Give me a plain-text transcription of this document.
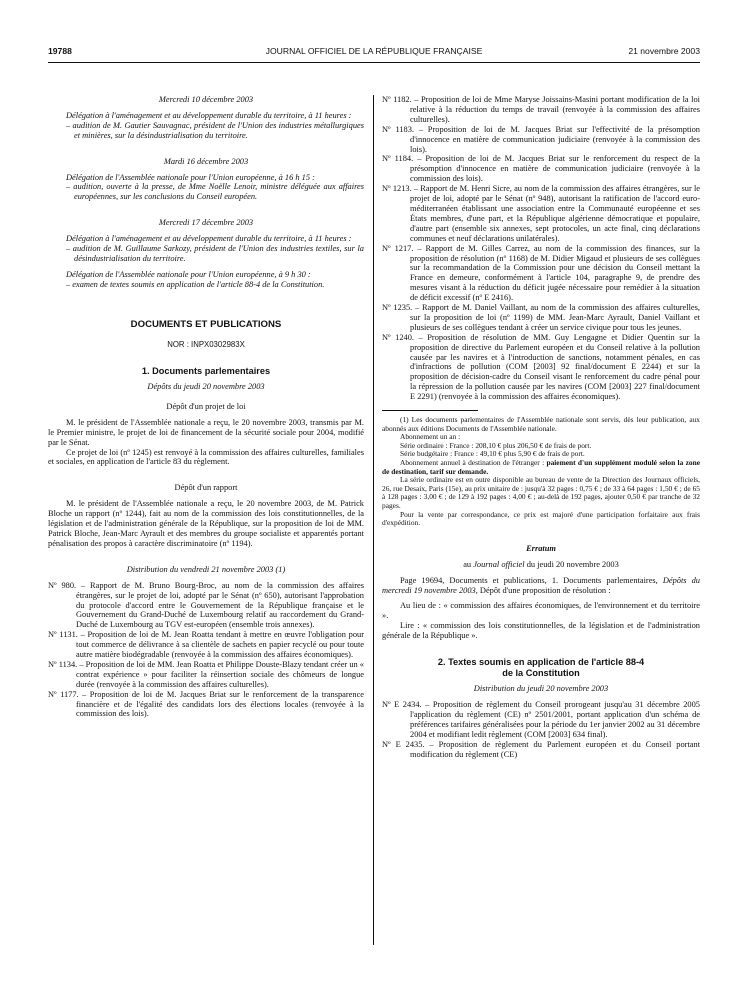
19788	JOURNAL OFFICIEL DE LA RÉPUBLIQUE FRANÇAISE	21 novembre 2003

Mercredi 10 décembre 2003

Délégation à l'aménagement et au développement durable du territoire, à 11 heures :

– audition de M. Gautier Sauvagnac, président de l'Union des industries métallurgiques et minières, sur la désindustrialisation du territoire.

Mardi 16 décembre 2003

Délégation de l'Assemblée nationale pour l'Union européenne, à 16 h 15 :

– audition, ouverte à la presse, de Mme Noëlle Lenoir, ministre déléguée aux affaires européennes, sur les conclusions du Conseil européen.

Mercredi 17 décembre 2003

Délégation à l'aménagement et au développement durable du territoire, à 11 heures :

– audition de M. Guillaume Sarkozy, président de l'Union des industries textiles, sur la désindustrialisation du territoire.

Délégation de l'Assemblée nationale pour l'Union européenne, à 9 h 30 :

– examen de textes soumis en application de l'article 88-4 de la Constitution.

DOCUMENTS ET PUBLICATIONS

NOR : INPX0302983X

1. Documents parlementaires

Dépôts du jeudi 20 novembre 2003

Dépôt d'un projet de loi

M. le président de l'Assemblée nationale a reçu, le 20 novembre 2003, transmis par M. le Premier ministre, le projet de loi de financement de la sécurité sociale pour 2004, modifié par le Sénat.

Ce projet de loi (nº 1245) est renvoyé à la commission des affaires culturelles, familiales et sociales, en application de l'article 83 du règlement.

Dépôt d'un rapport

M. le président de l'Assemblée nationale a reçu, le 20 novembre 2003, de M. Patrick Bloche un rapport (nº 1244), fait au nom de la commission des lois constitutionnelles, de la législation et de l'administration générale de la République, sur la proposition de loi de MM. Patrick Bloche, Jean-Marc Ayrault et des membres du groupe socialiste et apparentés portant pénalisation des propos à caractère discriminatoire (nº 1194).

Distribution du vendredi 21 novembre 2003 (1)

Nº 980. – Rapport de M. Bruno Bourg-Broc, au nom de la commission des affaires étrangères, sur le projet de loi, adopté par le Sénat (nº 650), autorisant l'approbation du protocole d'accord entre le Gouvernement de la République française et le Gouvernement du Grand-Duché de Luxembourg relatif au raccordement du Grand-Duché de Luxembourg au TGV est-européen (ensemble trois annexes).

Nº 1131. – Proposition de loi de M. Jean Roatta tendant à mettre en œuvre l'obligation pour tout commerce de délivrance à sa clientèle de sachets en papier recyclé ou pour toute autre matière biodégradable (renvoyée à la commission des affaires économiques).

Nº 1134. – Proposition de loi de MM. Jean Roatta et Philippe Douste-Blazy tendant créer un « contrat expérience » pour faciliter la réinsertion sociale des chômeurs de longue durée (renvoyée à la commission des affaires culturelles).

Nº 1177. – Proposition de loi de M. Jacques Briat sur le renforcement de la transparence financière et de l'égalité des candidats lors des élections locales (renvoyée à la commission des lois).

Nº 1182. – Proposition de loi de Mme Maryse Joissains-Masini portant modification de la loi relative à la réduction du temps de travail (renvoyée à la commission des affaires culturelles).

Nº 1183. – Proposition de loi de M. Jacques Briat sur l'effectivité de la présomption d'innocence en matière de communication judiciaire (renvoyée à la commission des lois).

Nº 1184. – Proposition de loi de M. Jacques Briat sur le renforcement du respect de la présomption d'innocence en matière de communication judiciaire (renvoyée à la commission des lois).

Nº 1213. – Rapport de M. Henri Sicre, au nom de la commission des affaires étrangères, sur le projet de loi, adopté par le Sénat (nº 948), autorisant la ratification de l'accord euro-méditerranéen établissant une association entre la Communauté européenne et ses États membres, d'une part, et la République algérienne démocratique et populaire, d'autre part (ensemble six annexes, sept protocoles, un acte final, cinq déclarations communes et neuf déclarations unilatérales).

Nº 1217. – Rapport de M. Gilles Carrez, au nom de la commission des finances, sur la proposition de résolution (nº 1168) de M. Didier Migaud et plusieurs de ses collègues sur la recommandation de la Commission pour une décision du Conseil mettant la France en demeure, conformément à l'article 104, paragraphe 9, de prendre des mesures visant à la réduction du déficit jugée nécessaire pour remédier à la situation de déficit excessif (nº E 2416).

Nº 1235. – Rapport de M. Daniel Vaillant, au nom de la commission des affaires culturelles, sur la proposition de loi (nº 1199) de MM. Jean-Marc Ayrault, Daniel Vaillant et plusieurs de ses collègues tendant à créer un service civique pour tous les jeunes.

Nº 1240. – Proposition de résolution de MM. Guy Lengagne et Didier Quentin sur la proposition de directive du Parlement européen et du Conseil relative à la pollution causée par les navires et à l'introduction de sanctions, notamment pénales, en cas d'infractions de pollution (COM [2003] 92 final/document E 2244) et sur la proposition de décision-cadre du Conseil visant le renforcement du cadre pénal pour la répression de la pollution causée par les navires (COM [2003] 227 final/document E 2291) (renvoyée à la commission des affaires économiques).

(1) Les documents parlementaires de l'Assemblée nationale sont servis, dès leur publication, aux abonnés aux éditions Documents de l'Assemblée nationale.

Abonnement un an :

Série ordinaire : France : 208,10 € plus 206,50 € de frais de port.

Série budgétaire : France : 49,10 € plus 5,90 € de frais de port.

Abonnement annuel à destination de l'étranger : paiement d'un supplément modulé selon la zone de destination, tarif sur demande.

La série ordinaire est en outre disponible au bureau de vente de la Direction des Journaux officiels, 26, rue Desaix, Paris (15e), au prix unitaire de : jusqu'à 32 pages : 0,75 € ; de 33 à 64 pages : 1,50 € ; de 65 à 128 pages : 3,00 € ; de 129 à 192 pages : 4,00 € ; au-delà de 192 pages, ajouter 0,50 € par tranche de 32 pages.

Pour la vente par correspondance, ce prix est majoré d'une participation forfaitaire aux frais d'expédition.

Erratum

au Journal officiel du jeudi 20 novembre 2003

Page 19694, Documents et publications, 1. Documents parlementaires, Dépôts du mercredi 19 novembre 2003, Dépôt d'une proposition de résolution :

Au lieu de : « commission des affaires économiques, de l'environnement et du territoire ».

Lire : « commission des lois constitutionnelles, de la législation et de l'administration générale de la République ».

2. Textes soumis en application de l'article 88-4
de la Constitution

Distribution du jeudi 20 novembre 2003

Nº E 2434. – Proposition de règlement du Conseil prorogeant jusqu'au 31 décembre 2005 l'application du règlement (CE) nº 2501/2001, portant application d'un schéma de préférences tarifaires généralisées pour la période du 1er janvier 2002 au 31 décembre 2004 et modifiant ledit règlement (COM [2003] 634 final).

Nº E 2435. – Proposition de règlement du Parlement européen et du Conseil portant modification du règlement (CE)
